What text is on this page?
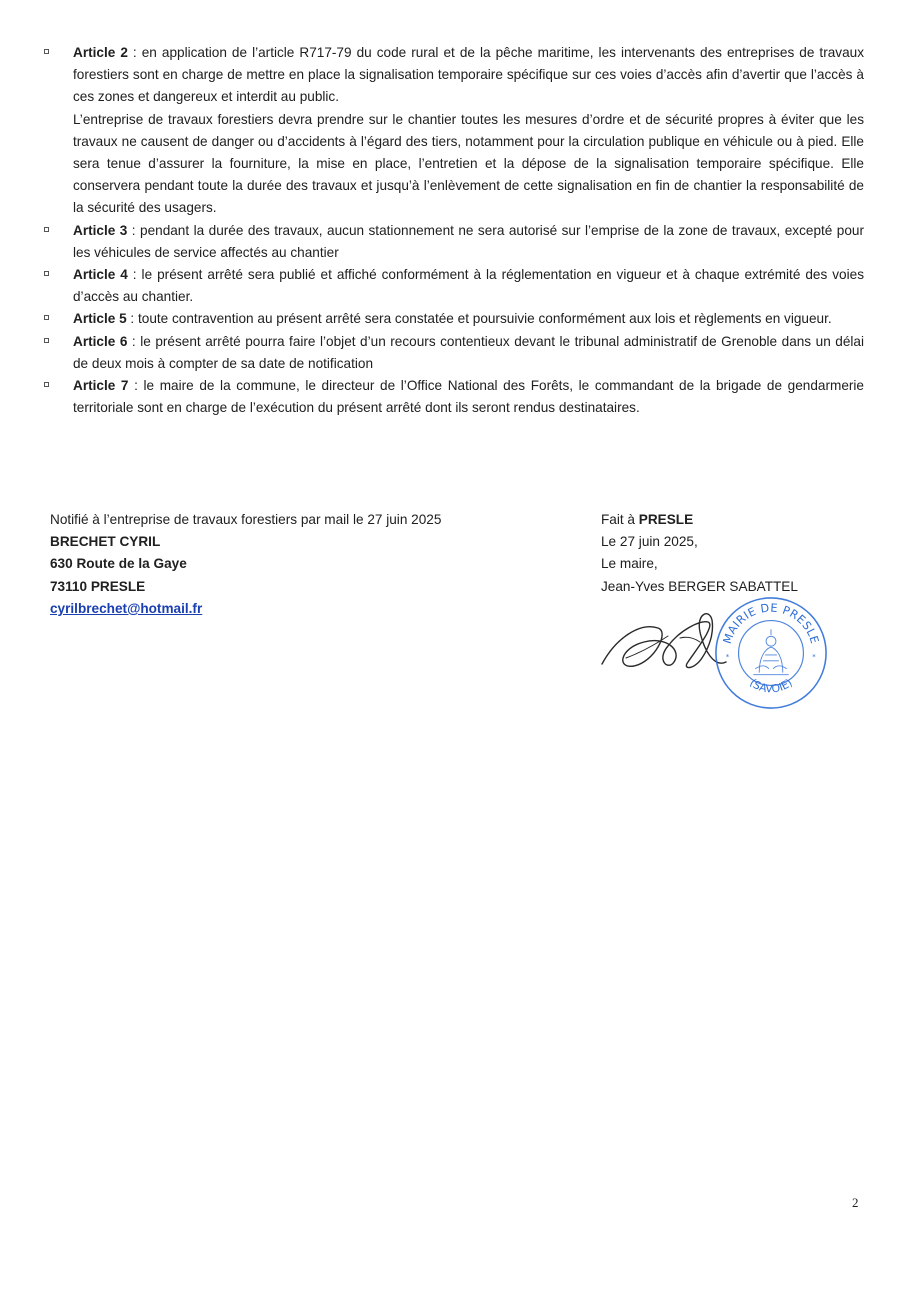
Article 2 : en application de l’article R717-79 du code rural et de la pêche maritime, les intervenants des entreprises de travaux forestiers sont en charge de mettre en place la signalisation temporaire spécifique sur ces voies d’accès afin d’avertir que l’accès à ces zones et dangereux et interdit au public.

L’entreprise de travaux forestiers devra prendre sur le chantier toutes les mesures d’ordre et de sécurité propres à éviter que les travaux ne causent de danger ou d’accidents à l’égard des tiers, notamment pour la circulation publique en véhicule ou à pied. Elle sera tenue d’assurer la fourniture, la mise en place, l’entretien et la dépose de la signalisation temporaire spécifique. Elle conservera pendant toute la durée des travaux et jusqu’à l’enlèvement de cette signalisation en fin de chantier la responsabilité de la sécurité des usagers.

Article 3 : pendant la durée des travaux, aucun stationnement ne sera autorisé sur l’emprise de la zone de travaux, excepté pour les véhicules de service affectés au chantier

Article 4 : le présent arrêté sera publié et affiché conformément à la réglementation en vigueur et à chaque extrémité des voies d’accès au chantier.

Article 5 : toute contravention au présent arrêté sera constatée et poursuivie conformément aux lois et règlements en vigueur.

Article 6 : le présent arrêté pourra faire l’objet d’un recours contentieux devant le tribunal administratif de Grenoble dans un délai de deux mois à compter de sa date de notification

Article 7 : le maire de la commune, le directeur de l’Office National des Forêts, le commandant de la brigade de gendarmerie territoriale sont en charge de l’exécution du présent arrêté dont ils seront rendus destinataires.

Notifié à l’entreprise de travaux forestiers par mail le 27 juin 2025
BRECHET CYRIL
630 Route de la Gaye
73110 PRESLE
cyrilbrechet@hotmail.fr
Fait à PRESLE
Le 27 juin 2025,
Le maire,
Jean-Yves BERGER SABATTEL
MAIRIE DE PRESLE
(SAVOIE)
*	*
2
